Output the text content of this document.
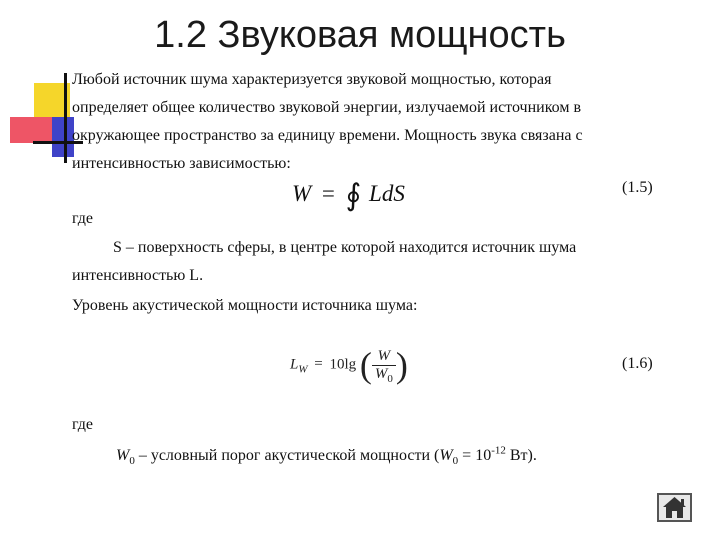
1.2 Звуковая мощность
Любой источник шума характеризуется звуковой мощностью, которая
определяет общее количество звуковой энергии, излучаемой источником в
окружающее пространство за единицу времени. Мощность звука связана с
интенсивностью зависимостью:
W = ∮ LdS	(1.5)
где
S – поверхность сферы, в центре которой находится источник шума
интенсивностью L.
Уровень акустической мощности источника шума:
$L_W = 10\lg$ ( $\frac{W}{W_0}$ )	(1.6)
где
$W_0$ – условный порог акустической мощности ($W_0 = 10^{-12}$ Вт).
